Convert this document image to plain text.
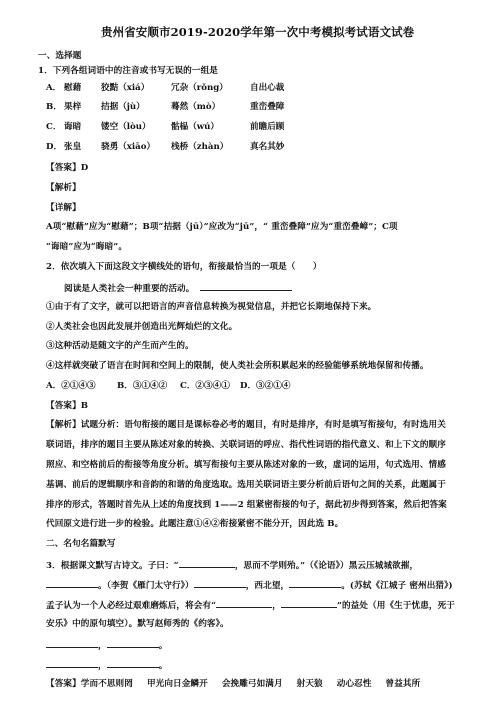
贵州省安顺市2019-2020学年第一次中考模拟考试语文试卷
一、选择题
1．下列各组词语中的注音或书写无误的一组是
A． 慰藉 狡黠（xiá）	冗杂（rǒng）	自出心裁
B． 果梓 拮据（jù）	蓦然（mò）	重峦叠障
C． 诲暗 镂空（lòu） 骷榀（wú）	前瞻后顾
D． 张皇 骁勇（xiāo） 栈桥（zhàn）	真名其妙
【答案】D
【解析】
【详解】
A项“慰藉”应为“慰藉”；B项“拮据（jū）”应改为“jū”，“ 重峦叠障”应为“重峦叠嶂”；C项
“诲暗”应为“晦暗”。
2．依次填入下面这段文字横线处的语句，衔接最恰当的一项是（　　）
阅读是人类社会一种重要的活动。
①由于有了文字，就可以把语言的声音信息转换为视觉信息，并把它长期地保持下来。
②人类社会也因此发展并创造出光辉灿烂的文化。
③这种活动是随文字的产生而产生的。
④这样就突破了语言在时间和空间上的限制，使人类社会所积累起来的经验能够系统地保留和传播。
A．②①④③ B．③①④② C．②③④① D．③②①④
【答案】B
【解析】试题分析：语句衔接的题目是课标卷必考的题目，有时是排序，有时是填写衔接句，有时选用关
联词语，排序的题目主要从陈述对象的转换、关联词语的呼应、指代性词语的指代意义、和上下文的顺序
照应、和空格前后的衔接等角度分析。填写衔接句主要从陈述对象的一致，虚词的运用，句式选用、情感
基调、前后的逻辑顺序和音韵的和谐的角度选取。选用关联词语主要分析前后语句之间的关系，此题属于
排序的形式，答题时首先从上述的角度找到 1——2 组紧密衔接的句子，据此初步得到答案，然后把答案
代回原文进行进一步的检验。此题注意①④②衔接紧密不能分开，因此选 B。
二、名句名篇默写
3．根据课文默写古诗文。子曰：“	，思而不学则殆。”（《论语》）黑云压城城欲摧，
。（李贺《雁门太守行》）	，西北望，	。(苏轼《江城子 密州出猎》)
孟子认为一个人必经过艰难磨炼后，将会有“	，	”的益处（用《生于忧患，死于
安乐》中的原句填空）。默写赵师秀的《约客》。
，	。
，	。
【答案】学而不思则罔 甲光向日金鳞开 会挽雕弓如满月 射天狼 动心忍性 曾益其所
